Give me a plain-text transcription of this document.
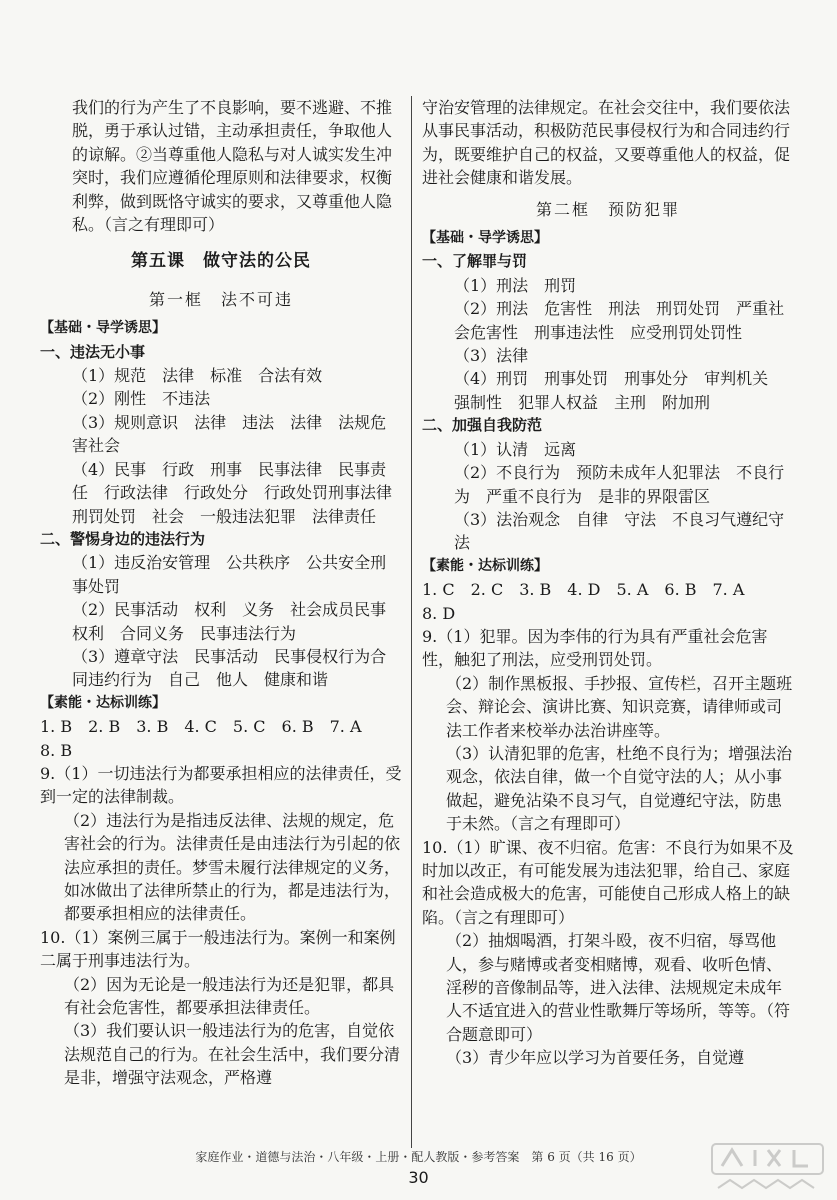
我们的行为产生了不良影响，要不逃避、不推脱，勇于承认过错，主动承担责任，争取他人的谅解。②当尊重他人隐私与对人诚实发生冲突时，我们应遵循伦理原则和法律要求，权衡利弊，做到既恪守诚实的要求，又尊重他人隐私。（言之有理即可）

第五课　做守法的公民
第一框　法不可违

【基础・导学诱思】

一、违法无小事

（1）规范　法律　标准　合法有效

（2）刚性　不违法

（3）规则意识　法律　违法　法律　法规危害社会

（4）民事　行政　刑事　民事法律　民事责任　行政法律　行政处分　行政处罚刑事法律　刑罚处罚　社会　一般违法犯罪　法律责任

二、警惕身边的违法行为

（1）违反治安管理　公共秩序　公共安全刑事处罚

（2）民事活动　权利　义务　社会成员民事权利　合同义务　民事违法行为

（3）遵章守法　民事活动　民事侵权行为合同违约行为　自己　他人　健康和谐

【素能・达标训练】

1. B　2. B　3. B　4. C　5. C　6. B　7. A

8. B

9.（1）一切违法行为都要承担相应的法律责任，受到一定的法律制裁。

（2）违法行为是指违反法律、法规的规定，危害社会的行为。法律责任是由违法行为引起的依法应承担的责任。梦雪未履行法律规定的义务，如冰做出了法律所禁止的行为，都是违法行为，都要承担相应的法律责任。

10.（1）案例三属于一般违法行为。案例一和案例二属于刑事违法行为。

（2）因为无论是一般违法行为还是犯罪，都具有社会危害性，都要承担法律责任。

（3）我们要认识一般违法行为的危害，自觉依法规范自己的行为。在社会生活中，我们要分清是非，增强守法观念，严格遵

守治安管理的法律规定。在社会交往中，我们要依法从事民事活动，积极防范民事侵权行为和合同违约行为，既要维护自己的权益，又要尊重他人的权益，促进社会健康和谐发展。

第二框　预防犯罪

【基础・导学诱思】

一、了解罪与罚

（1）刑法　刑罚

（2）刑法　危害性　刑法　刑罚处罚　严重社会危害性　刑事违法性　应受刑罚处罚性

（3）法律

（4）刑罚　刑事处罚　刑事处分　审判机关　强制性　犯罪人权益　主刑　附加刑

二、加强自我防范

（1）认清　远离

（2）不良行为　预防未成年人犯罪法　不良行为　严重不良行为　是非的界限雷区

（3）法治观念　自律　守法　不良习气遵纪守法

【素能・达标训练】

1. C　2. C　3. B　4. D　5. A　6. B　7. A

8. D

9.（1）犯罪。因为李伟的行为具有严重社会危害性，触犯了刑法，应受刑罚处罚。

（2）制作黑板报、手抄报、宣传栏，召开主题班会、辩论会、演讲比赛、知识竞赛，请律师或司法工作者来校举办法治讲座等。

（3）认清犯罪的危害，杜绝不良行为；增强法治观念，依法自律，做一个自觉守法的人；从小事做起，避免沾染不良习气，自觉遵纪守法，防患于未然。（言之有理即可）

10.（1）旷课、夜不归宿。危害：不良行为如果不及时加以改正，有可能发展为违法犯罪，给自己、家庭和社会造成极大的危害，可能使自己形成人格上的缺陷。（言之有理即可）

（2）抽烟喝酒，打架斗殴，夜不归宿，辱骂他人，参与赌博或者变相赌博，观看、收听色情、淫秽的音像制品等，进入法律、法规规定未成年人不适宜进入的营业性歌舞厅等场所，等等。（符合题意即可）

（3）青少年应以学习为首要任务，自觉遵

家庭作业・道德与法治・八年级・上册・配人教版・参考答案　第 6 页（共 16 页）
30
